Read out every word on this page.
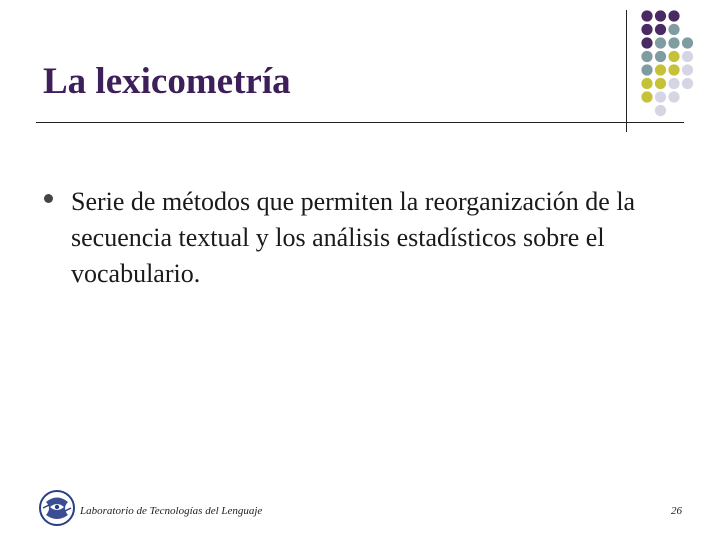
La lexicometría
Serie de métodos que permiten la reorganización de la secuencia textual y los análisis estadísticos sobre el vocabulario.
Laboratorio de Tecnologías del Lenguaje	26
